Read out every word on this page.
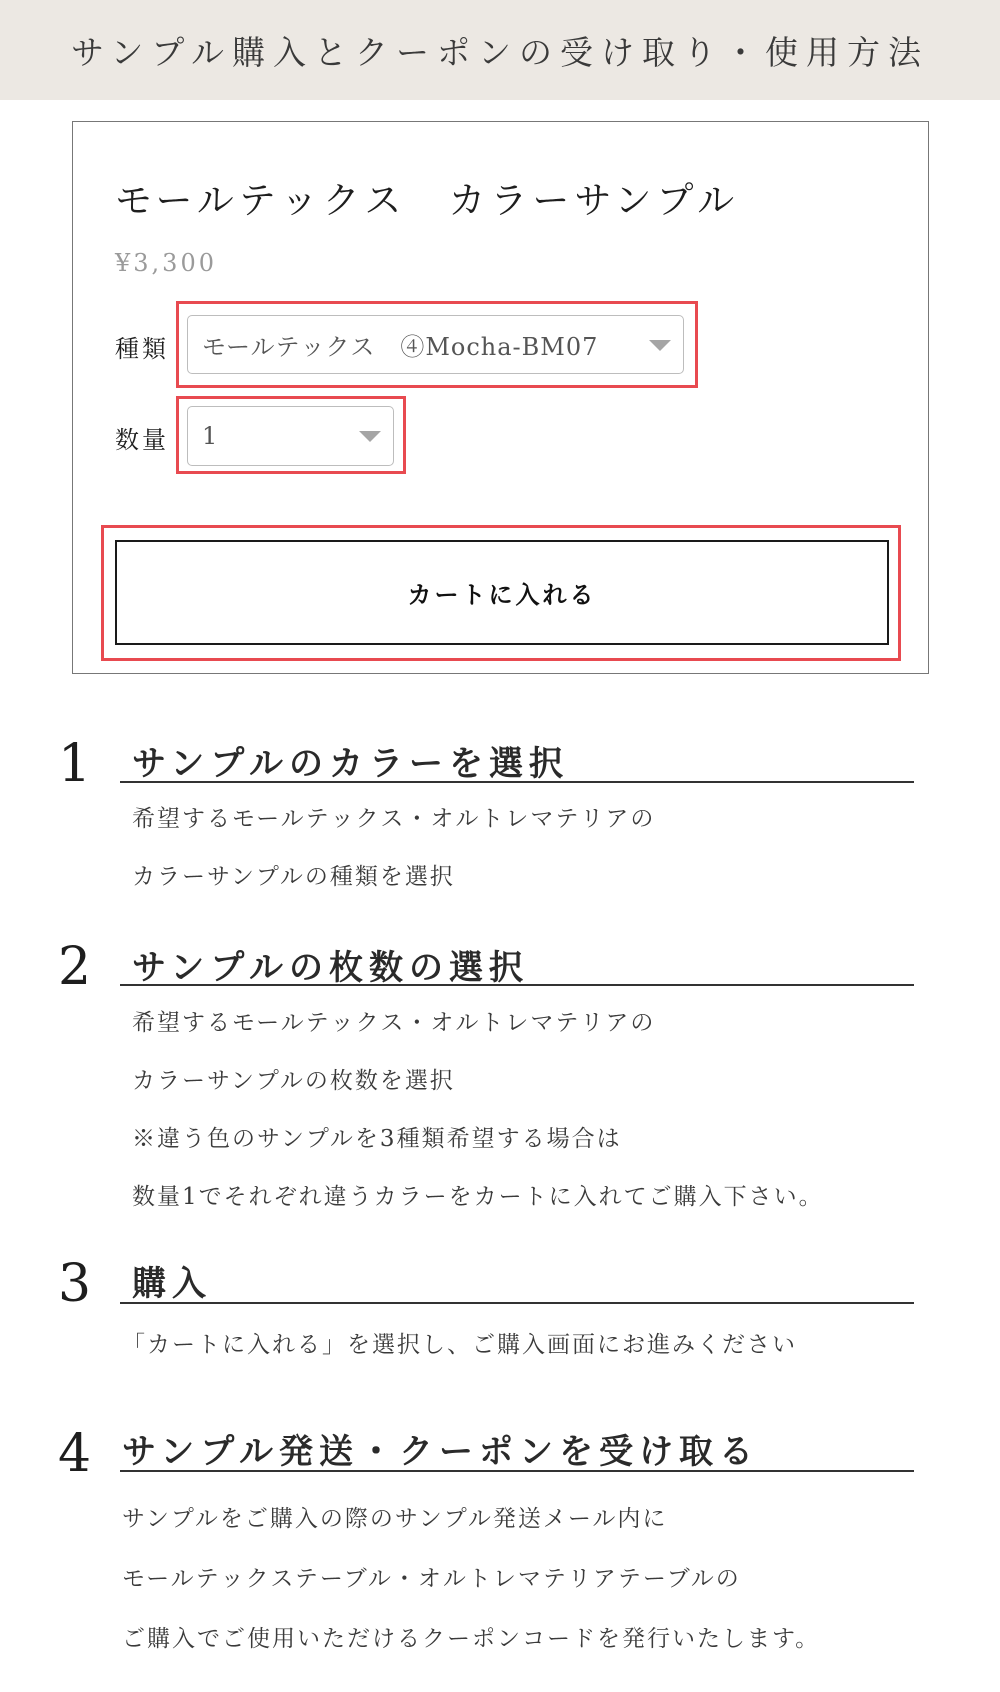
サンプル購入とクーポンの受け取り・使用方法
モールテックス　カラーサンプル
¥3,300
種類 モールテックス　④Mocha-BM07
数量 1
カートに入れる
1 サンプルのカラーを選択
希望するモールテックス・オルトレマテリアの
カラーサンプルの種類を選択
2 サンプルの枚数の選択
希望するモールテックス・オルトレマテリアの
カラーサンプルの枚数を選択
※違う色のサンプルを3種類希望する場合は
数量1でそれぞれ違うカラーをカートに入れてご購入下さい。
3 購入
「カートに入れる」を選択し、ご購入画面にお進みください
4 サンプル発送・クーポンを受け取る
サンプルをご購入の際のサンプル発送メール内に
モールテックステーブル・オルトレマテリアテーブルの
ご購入でご使用いただけるクーポンコードを発行いたします。
